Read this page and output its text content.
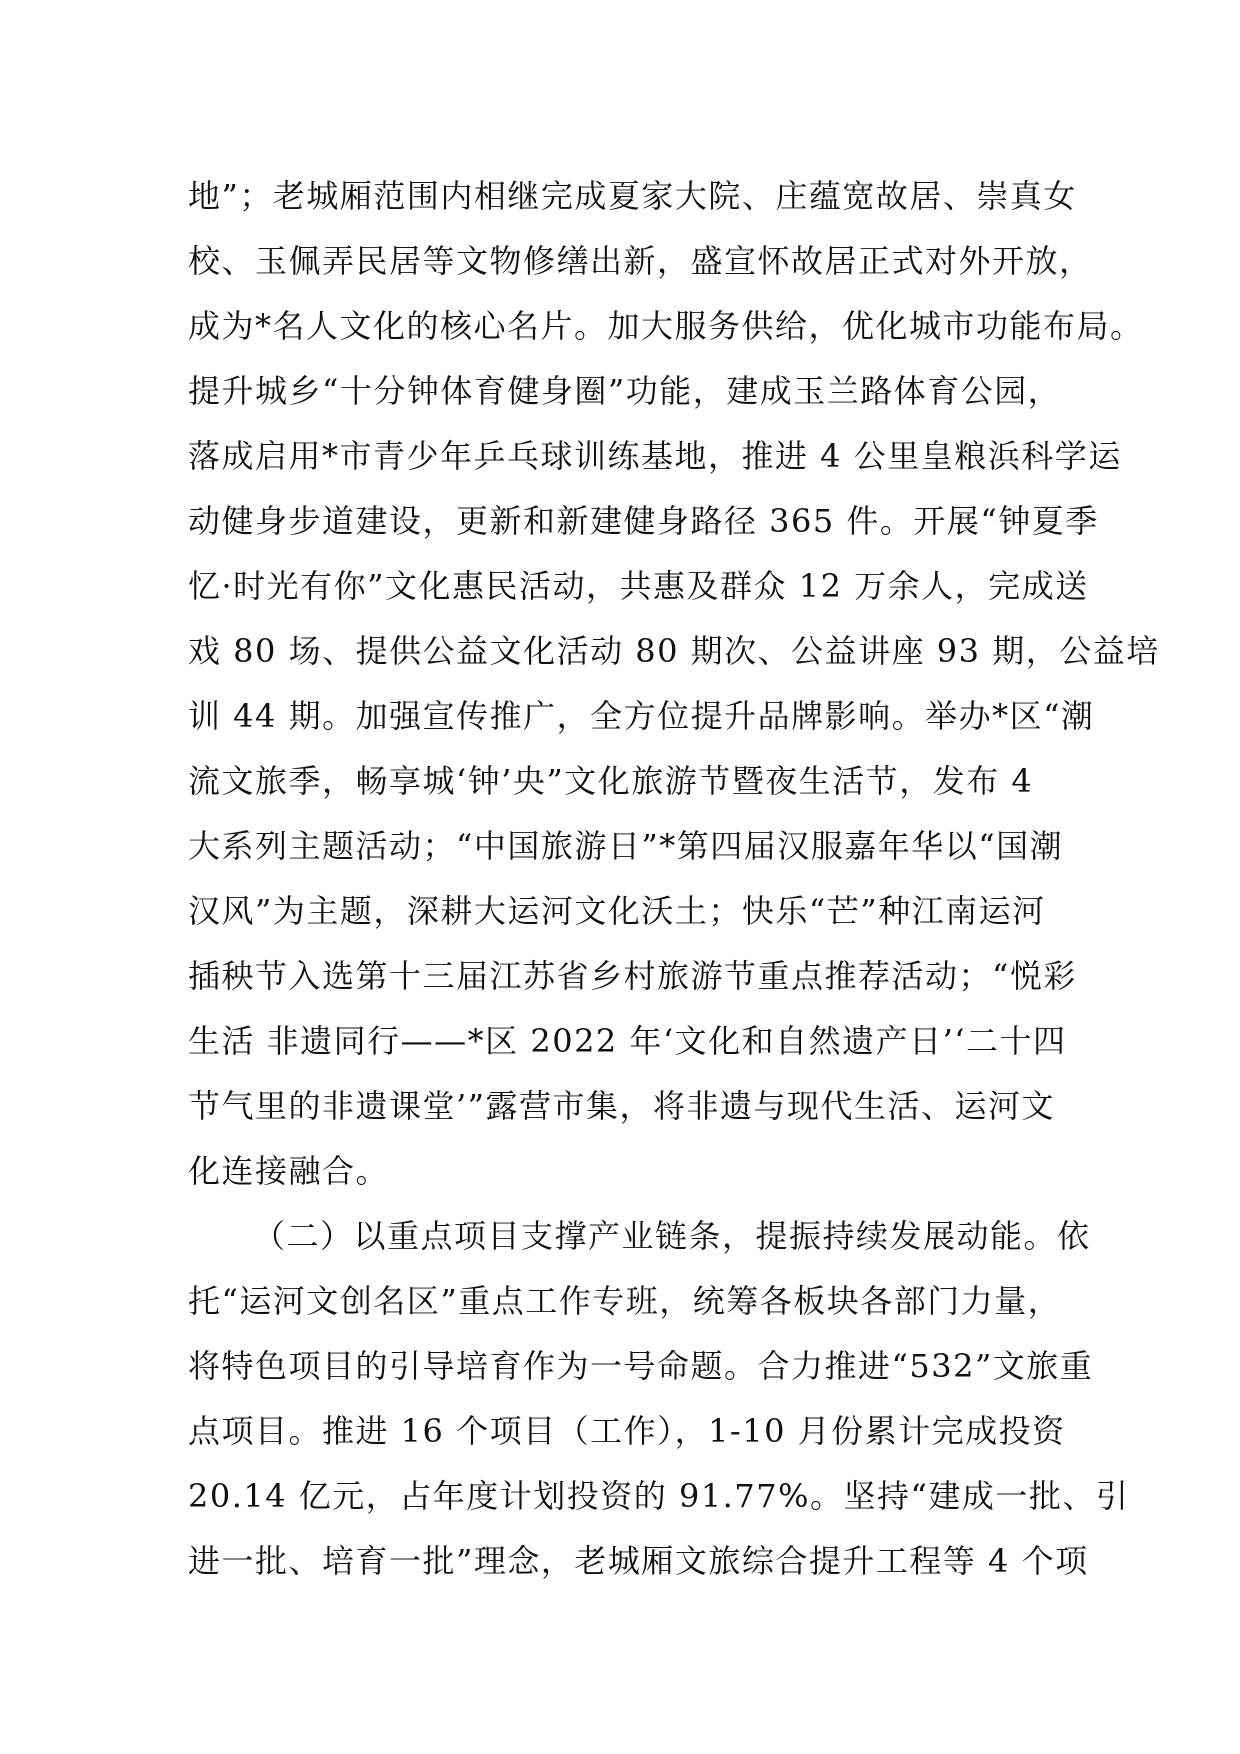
地”；老城厢范围内相继完成夏家大院、庄蕴宽故居、崇真女
校、玉佩弄民居等文物修缮出新，盛宣怀故居正式对外开放，
成为*名人文化的核心名片。加大服务供给，优化城市功能布局。
提升城乡“十分钟体育健身圈”功能，建成玉兰路体育公园，
落成启用*市青少年乒乓球训练基地，推进 4 公里皇粮浜科学运
动健身步道建设，更新和新建健身路径 365 件。开展“钟夏季
忆·时光有你”文化惠民活动，共惠及群众 12 万余人，完成送
戏 80 场、提供公益文化活动 80 期次、公益讲座 93 期，公益培
训 44 期。加强宣传推广，全方位提升品牌影响。举办*区“潮
流文旅季，畅享城‘钟’央”文化旅游节暨夜生活节，发布 4
大系列主题活动；“中国旅游日”*第四届汉服嘉年华以“国潮
汉风”为主题，深耕大运河文化沃土；快乐“芒”种江南运河
插秧节入选第十三届江苏省乡村旅游节重点推荐活动；“悦彩
生活 非遗同行——*区 2022 年‘文化和自然遗产日’‘二十四
节气里的非遗课堂’”露营市集，将非遗与现代生活、运河文
化连接融合。
（二）以重点项目支撑产业链条，提振持续发展动能。依
托“运河文创名区”重点工作专班，统筹各板块各部门力量，
将特色项目的引导培育作为一号命题。合力推进“532”文旅重
点项目。推进 16 个项目（工作），1-10 月份累计完成投资
20.14 亿元，占年度计划投资的 91.77%。坚持“建成一批、引
进一批、培育一批”理念，老城厢文旅综合提升工程等 4 个项
